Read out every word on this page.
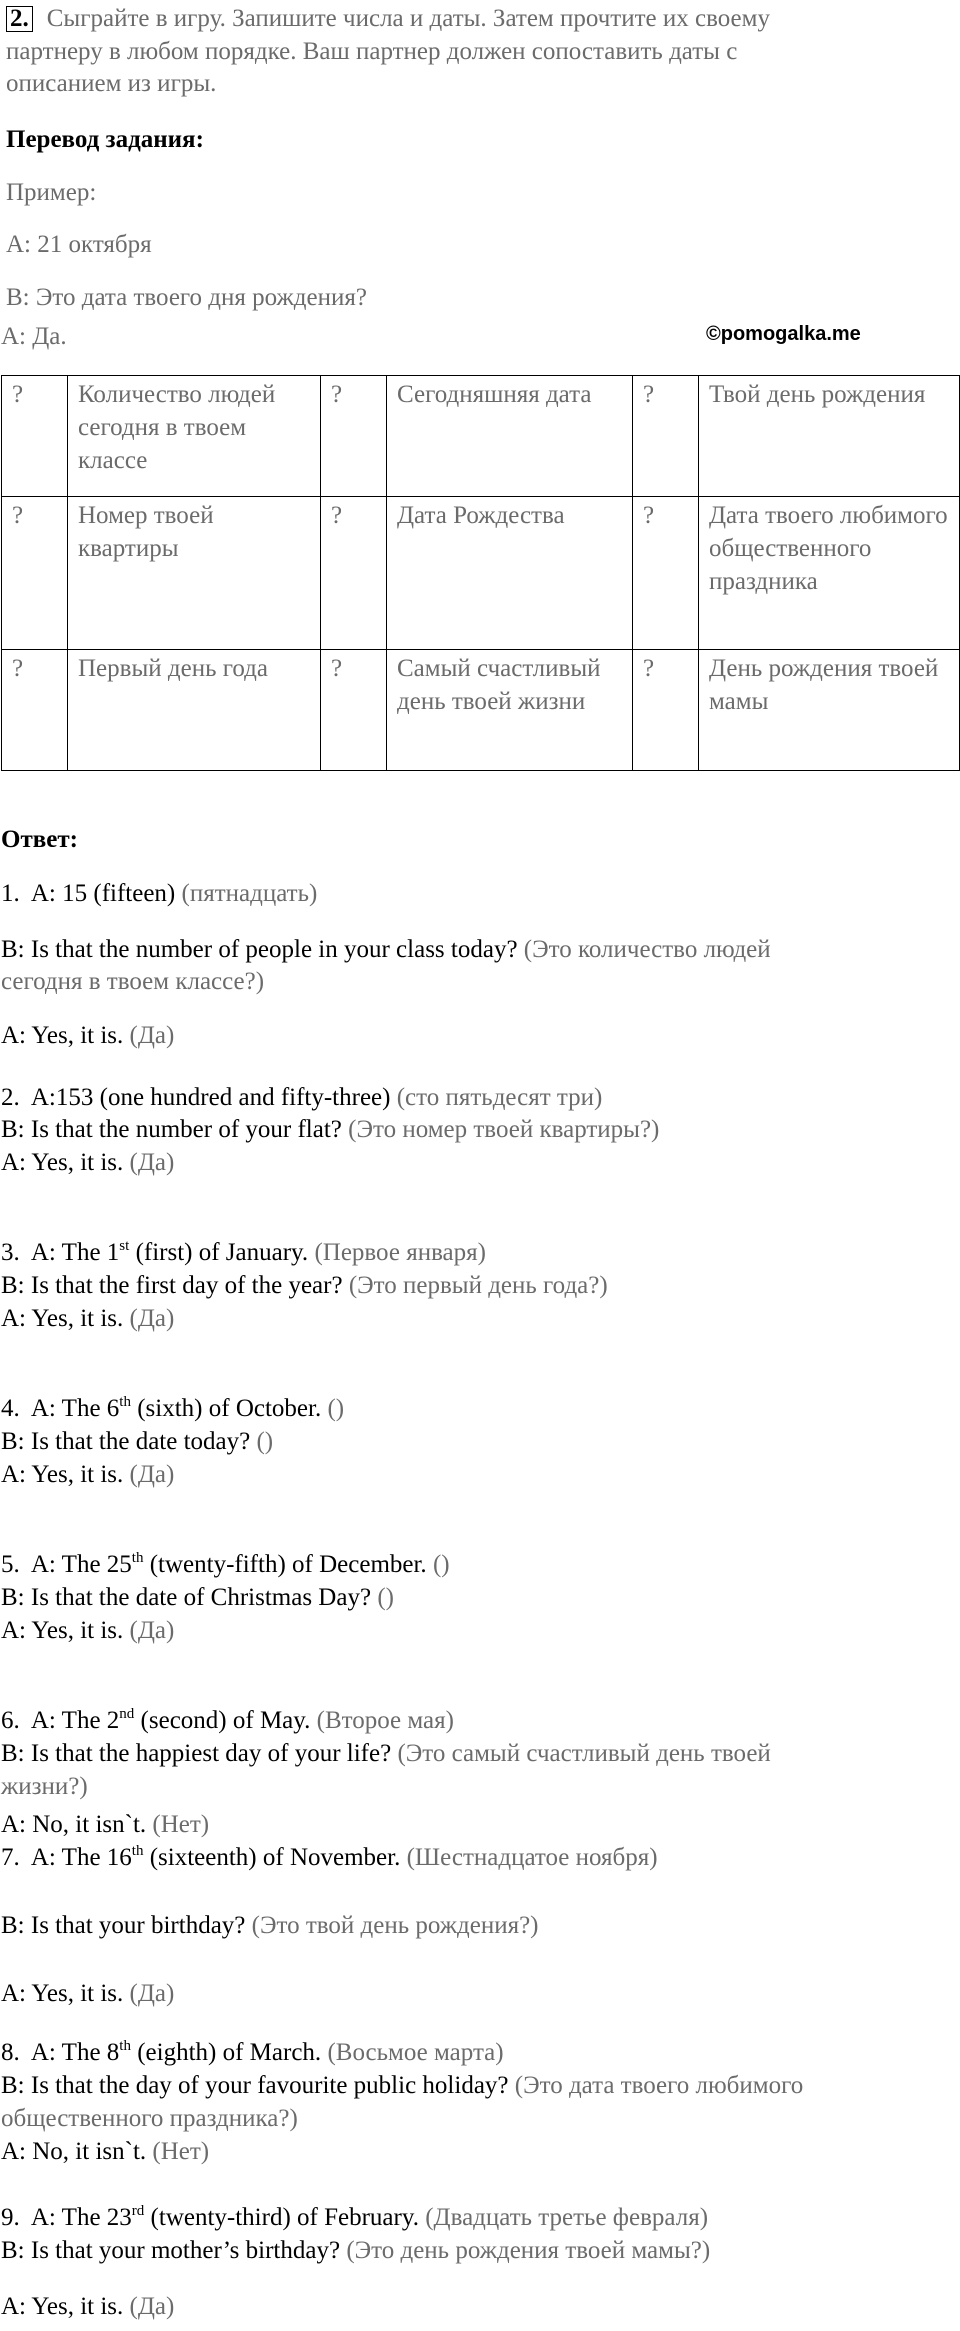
2. Сыграйте в игру. Запишите числа и даты. Затем прочтите их своему
партнеру в любом порядке. Ваш партнер должен сопоставить даты с
описанием из игры.
Перевод задания:
Пример:
А: 21 октября
В: Это дата твоего дня рождения?
А: Да.	©pomogalka.me
?	Количество людей сегодня в твоем классе	?	Сегодняшняя дата	?	Твой день рождения
?	Номер твоей квартиры	?	Дата Рождества	?	Дата твоего любимого общественного праздника
?	Первый день года	?	Самый счастливый день твоей жизни	?	День рождения твоей мамы
Ответ:
1. A: 15 (fifteen) (пятнадцать)
B: Is that the number of people in your class today? (Это количество людей
сегодня в твоем классе?)
A: Yes, it is. (Да)
2. A:153 (one hundred and fifty-three) (сто пятьдесят три)
B: Is that the number of your flat? (Это номер твоей квартиры?)
A: Yes, it is. (Да)
3. A: The 1st (first) of January. (Первое января)
B: Is that the first day of the year? (Это первый день года?)
A: Yes, it is. (Да)
4. A: The 6th (sixth) of October. ()
B: Is that the date today? ()
A: Yes, it is. (Да)
5. A: The 25th (twenty-fifth) of December. ()
B: Is that the date of Christmas Day? ()
A: Yes, it is. (Да)
6. A: The 2nd (second) of May. (Второе мая)
B: Is that the happiest day of your life? (Это самый счастливый день твоей
жизни?)
A: No, it isn`t. (Нет)
7. A: The 16th (sixteenth) of November. (Шестнадцатое ноября)
B: Is that your birthday? (Это твой день рождения?)
A: Yes, it is. (Да)
8. A: The 8th (eighth) of March. (Восьмое марта)
B: Is that the day of your favourite public holiday? (Это дата твоего любимого
общественного праздника?)
A: No, it isn`t. (Нет)
9. A: The 23rd (twenty-third) of February. (Двадцать третье февраля)
B: Is that your mother’s birthday? (Это день рождения твоей мамы?)
A: Yes, it is. (Да)
